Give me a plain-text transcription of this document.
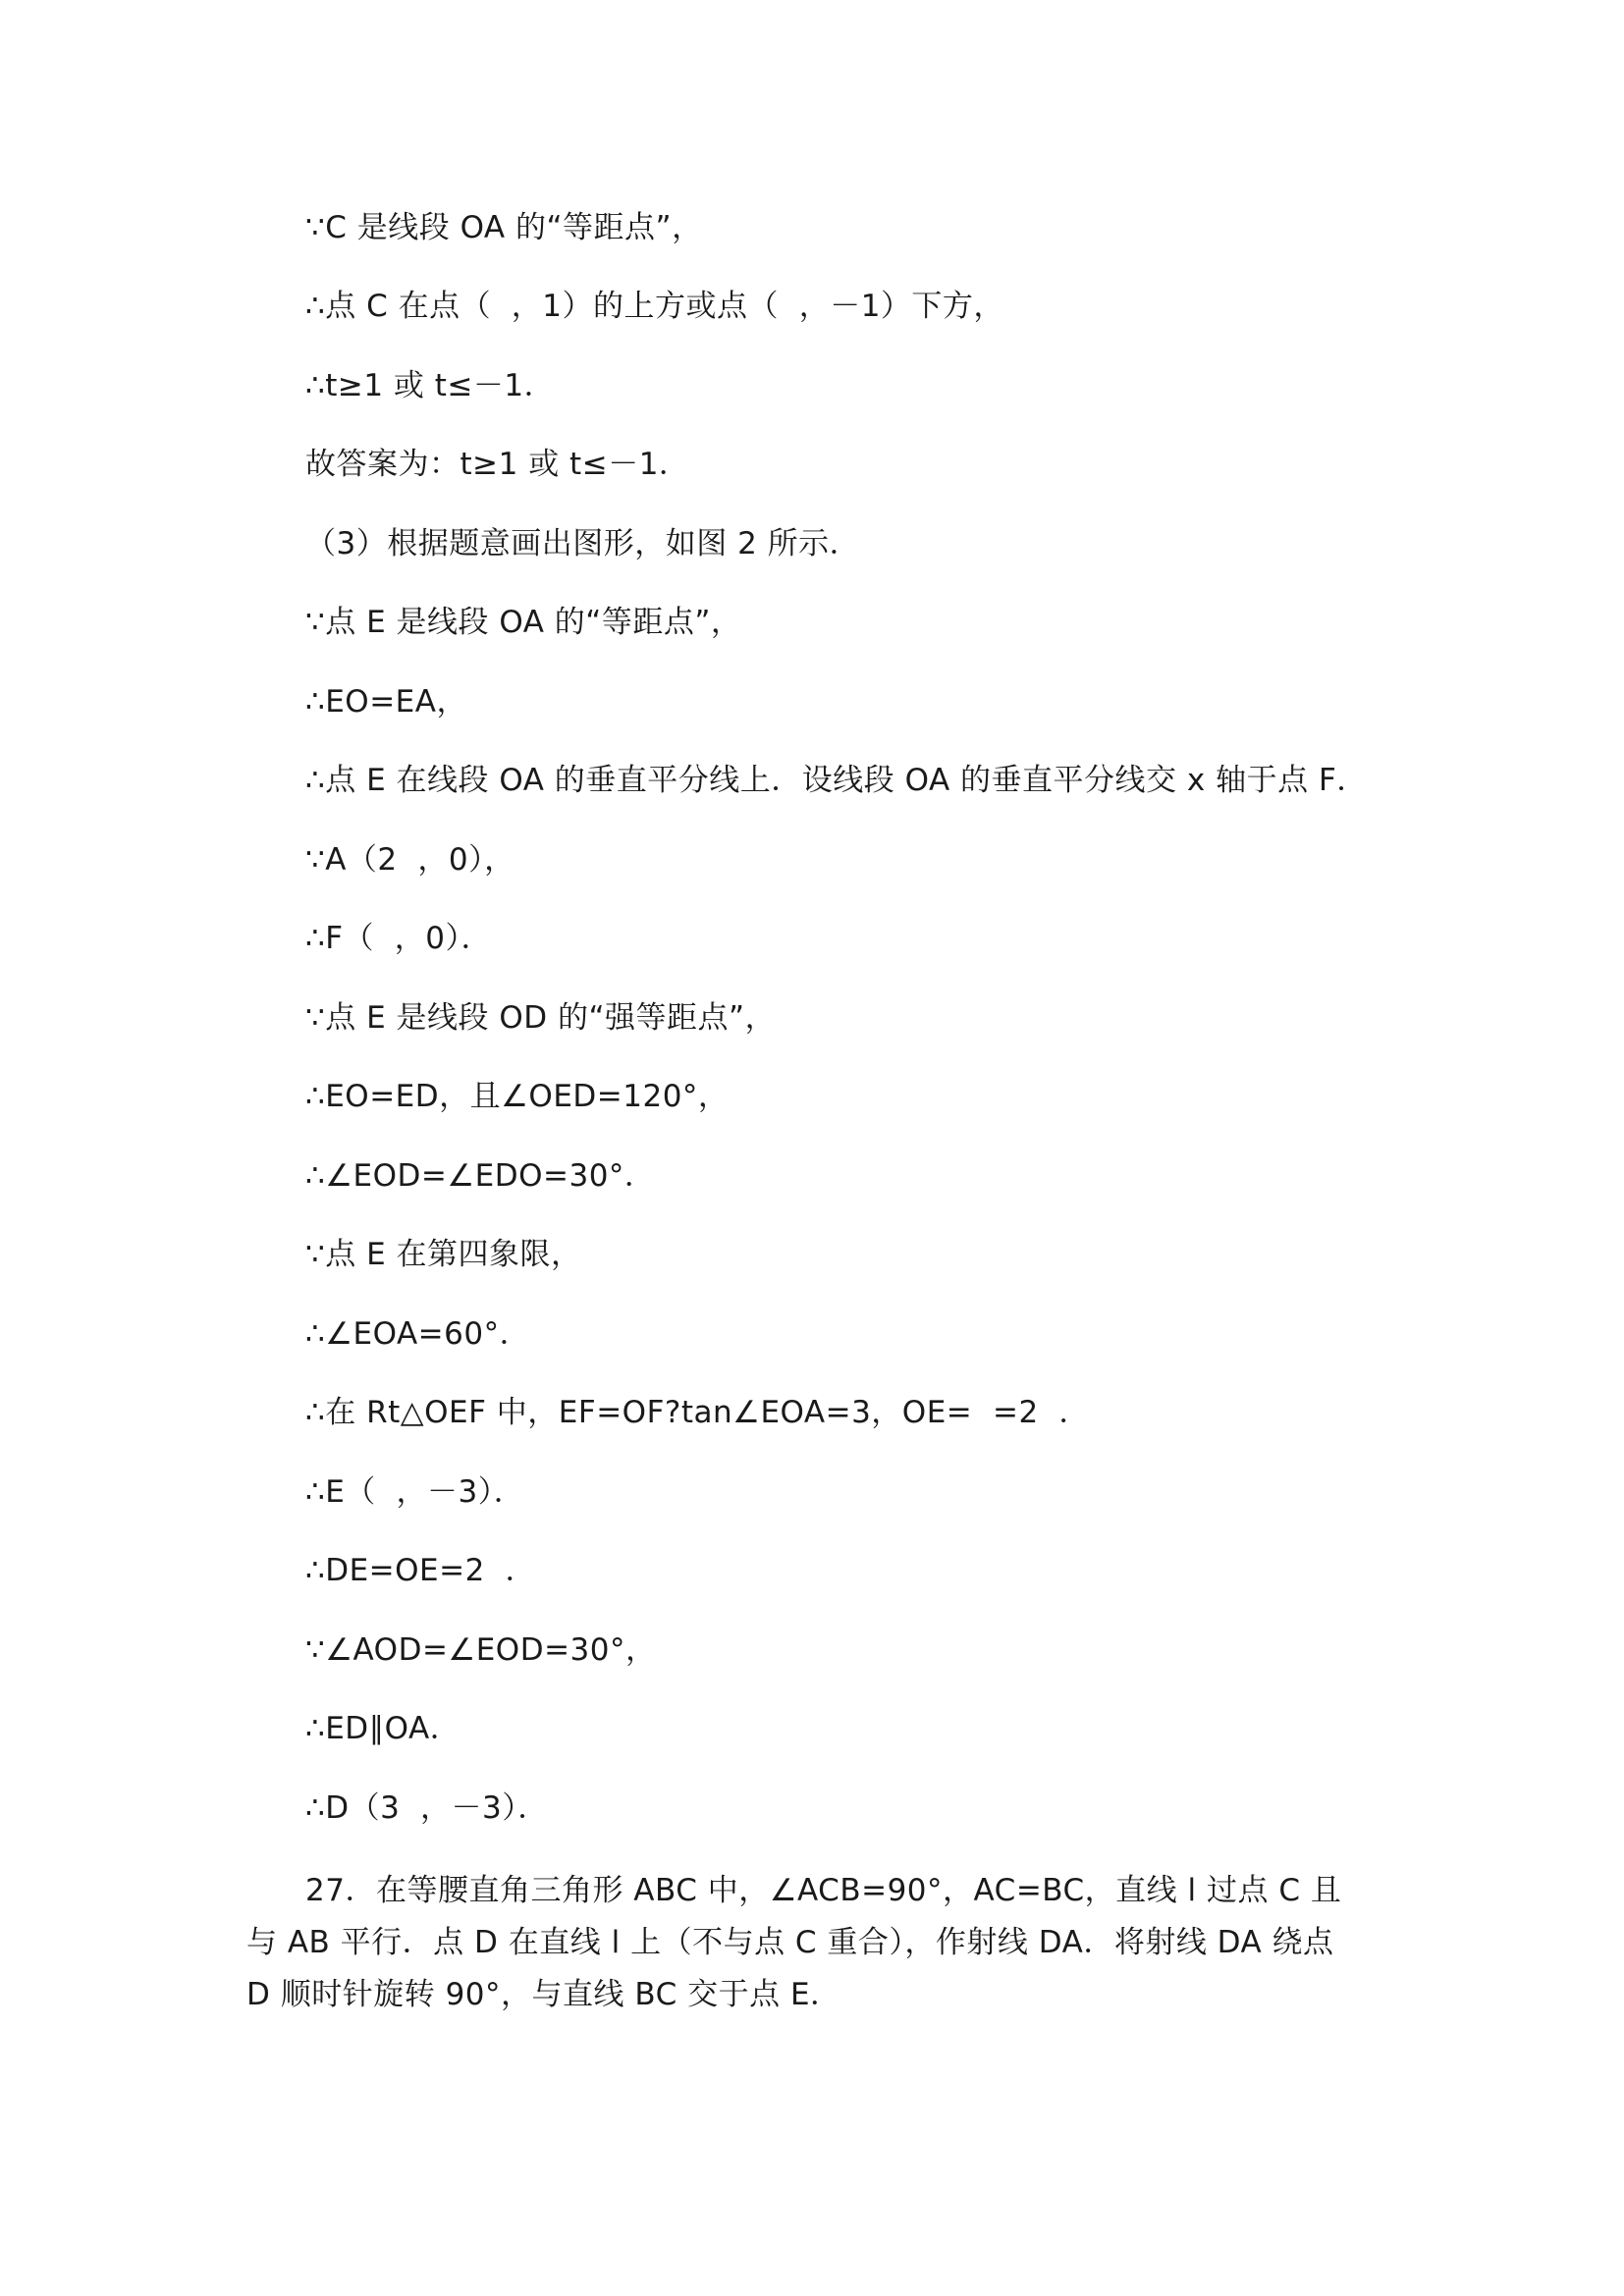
∵C 是线段 OA 的“等距点”，
∴点 C 在点（  ，1）的上方或点（  ，－1）下方，
∴t≥1 或 t≤－1．
故答案为：t≥1 或 t≤－1．
（3）根据题意画出图形，如图 2 所示．
∵点 E 是线段 OA 的“等距点”，
∴EO=EA，
∴点 E 在线段 OA 的垂直平分线上．设线段 OA 的垂直平分线交 x 轴于点 F．
∵A（2  ，0），
∴F（  ，0）．
∵点 E 是线段 OD 的“强等距点”，
∴EO=ED，且∠OED=120°，
∴∠EOD=∠EDO=30°．
∵点 E 在第四象限，
∴∠EOA=60°．
∴在 Rt△OEF 中，EF=OF?tan∠EOA=3，OE=  =2  ．
∴E（  ，－3）．
∴DE=OE=2  ．
∵∠AOD=∠EOD=30°，
∴ED∥OA．
∴D（3  ，－3）．
27．在等腰直角三角形 ABC 中，∠ACB=90°，AC=BC，直线 l 过点 C 且与 AB 平行．点 D 在直线 l 上（不与点 C 重合），作射线 DA．将射线 DA 绕点 D 顺时针旋转 90°，与直线 BC 交于点 E．
